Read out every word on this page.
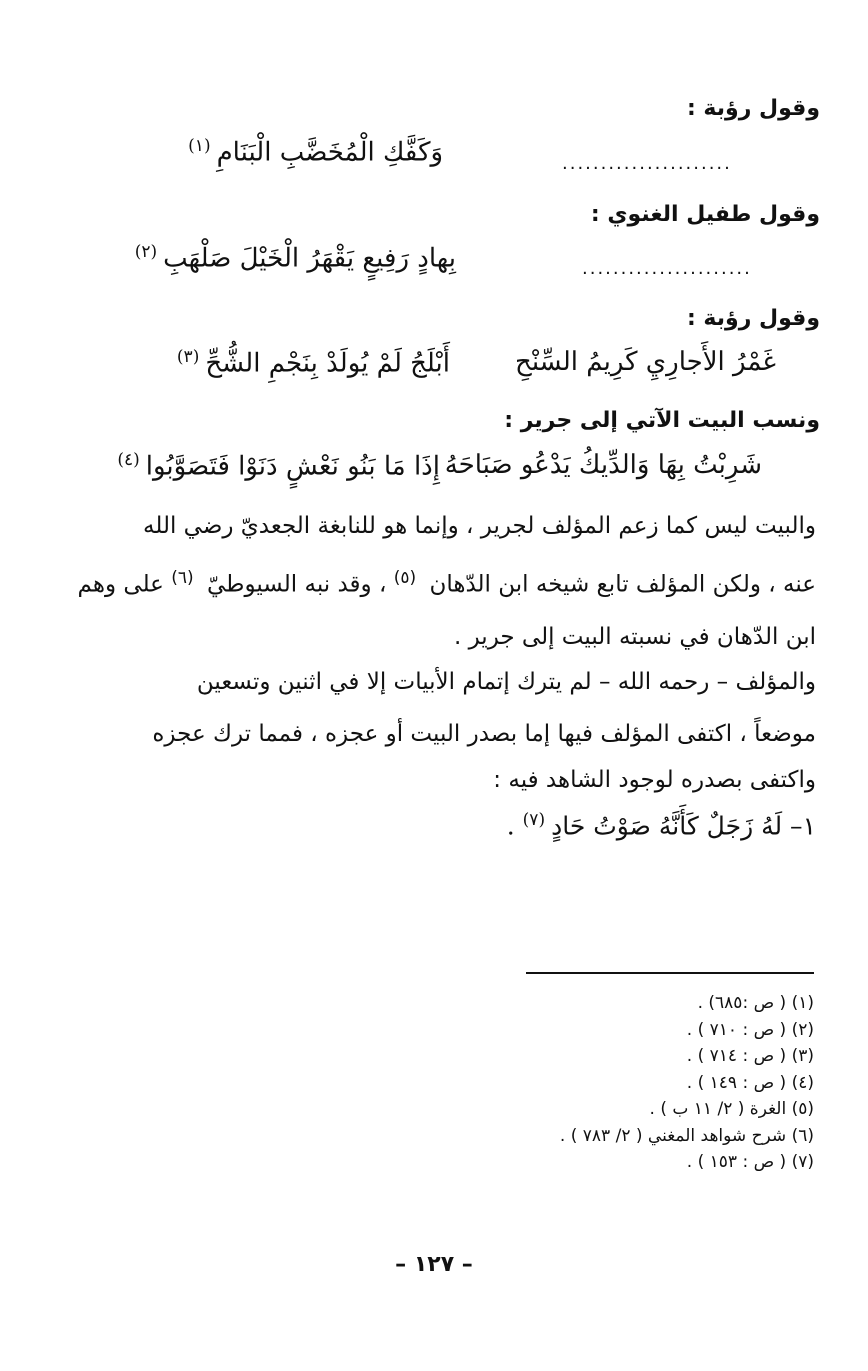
وقول رؤبة :
......................
وَكَفَّكِ الْمُخَضَّبِ الْبَنَامِ$^{(١)}$
وقول طفيل الغنوي :
......................
بِهادٍ رَفِيعٍ يَقْهَرُ الْخَيْلَ صَلْهَبِ$^{(٢)}$
وقول رؤبة :
غَمْرُ الأَجارِيِ كَرِيمُ السِّنْحِ
أَبْلَجُ لَمْ يُولَدْ بِنَجْمِ الشُّحِّ$^{(٣)}$
ونسب البيت الآتي إلى جرير :
شَرِبْتُ بِهَا وَالدِّيكُ يَدْعُو صَبَاحَهُ
إِذَا مَا بَنُو نَعْشٍ دَنَوْا فَتَصَوَّبُوا$^{(٤)}$
والبيت ليس كما زعم المؤلف لجرير ، وإنما هو للنابغة الجعديّ رضي الله
عنه ، ولكن المؤلف تابع شيخه ابن الدّهان $^{(٥)}$ ، وقد نبه السيوطيّ $^{(٦)}$ على وهم
ابن الدّهان في نسبته البيت إلى جرير .
والمؤلف – رحمه الله – لم يترك إتمام الأبيات إلا في اثنين وتسعين
موضعاً ، اكتفى المؤلف فيها إما بصدر البيت أو عجزه ، فمما ترك عجزه
واكتفى بصدره لوجود الشاهد فيه :
١– لَهُ زَجَلٌ كَأَنَّهُ صَوْتُ حَادٍ$^{(٧)}$ .
(١) ( ص :٦٨٥) .
(٢) ( ص : ٧١٠ ) .
(٣) ( ص : ٧١٤ ) .
(٤) ( ص : ١٤٩ ) .
(٥) الغرة ( ٢/ ١١ ب ) .
(٦) شرح شواهد المغني ( ٢/ ٧٨٣ ) .
(٧) ( ص : ١٥٣ ) .
– ١٢٧ –
